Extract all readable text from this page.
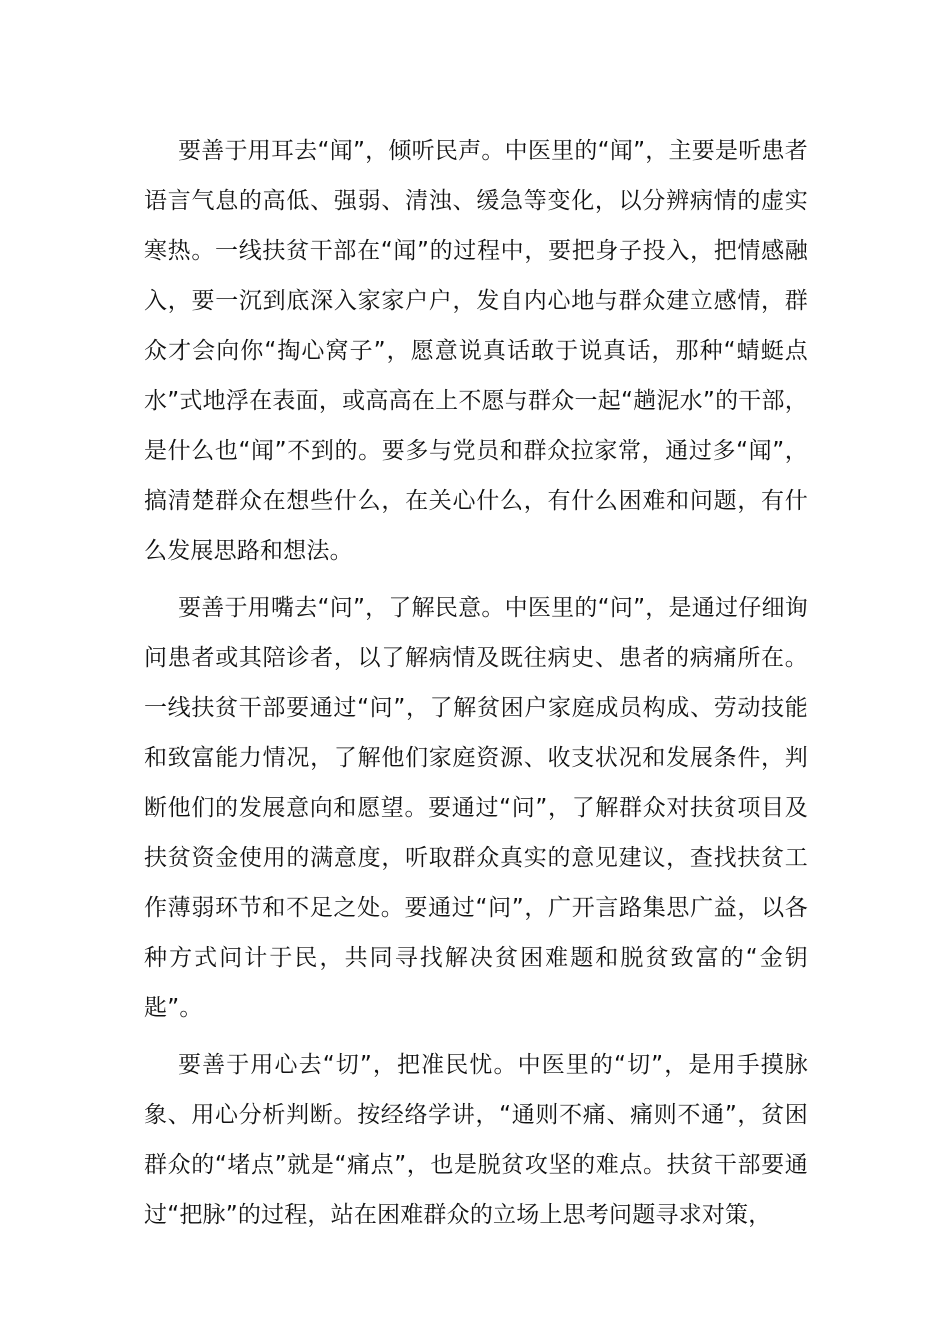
要善于用耳去“闻”，倾听民声。中医里的“闻”，主要是听患者语言气息的高低、强弱、清浊、缓急等变化，以分辨病情的虚实寒热。一线扶贫干部在“闻”的过程中，要把身子投入，把情感融入，要一沉到底深入家家户户，发自内心地与群众建立感情，群众才会向你“掏心窝子”，愿意说真话敢于说真话，那种“蜻蜓点水”式地浮在表面，或高高在上不愿与群众一起“趟泥水”的干部，是什么也“闻”不到的。要多与党员和群众拉家常，通过多“闻”，搞清楚群众在想些什么，在关心什么，有什么困难和问题，有什么发展思路和想法。

要善于用嘴去“问”，了解民意。中医里的“问”，是通过仔细询问患者或其陪诊者，以了解病情及既往病史、患者的病痛所在。一线扶贫干部要通过“问”，了解贫困户家庭成员构成、劳动技能和致富能力情况，了解他们家庭资源、收支状况和发展条件，判断他们的发展意向和愿望。要通过“问”，了解群众对扶贫项目及扶贫资金使用的满意度，听取群众真实的意见建议，查找扶贫工作薄弱环节和不足之处。要通过“问”，广开言路集思广益，以各种方式问计于民，共同寻找解决贫困难题和脱贫致富的“金钥匙”。

要善于用心去“切”，把准民忧。中医里的“切”，是用手摸脉象、用心分析判断。按经络学讲，“通则不痛、痛则不通”，贫困群众的“堵点”就是“痛点”，也是脱贫攻坚的难点。扶贫干部要通过“把脉”的过程，站在困难群众的立场上思考问题寻求对策，
